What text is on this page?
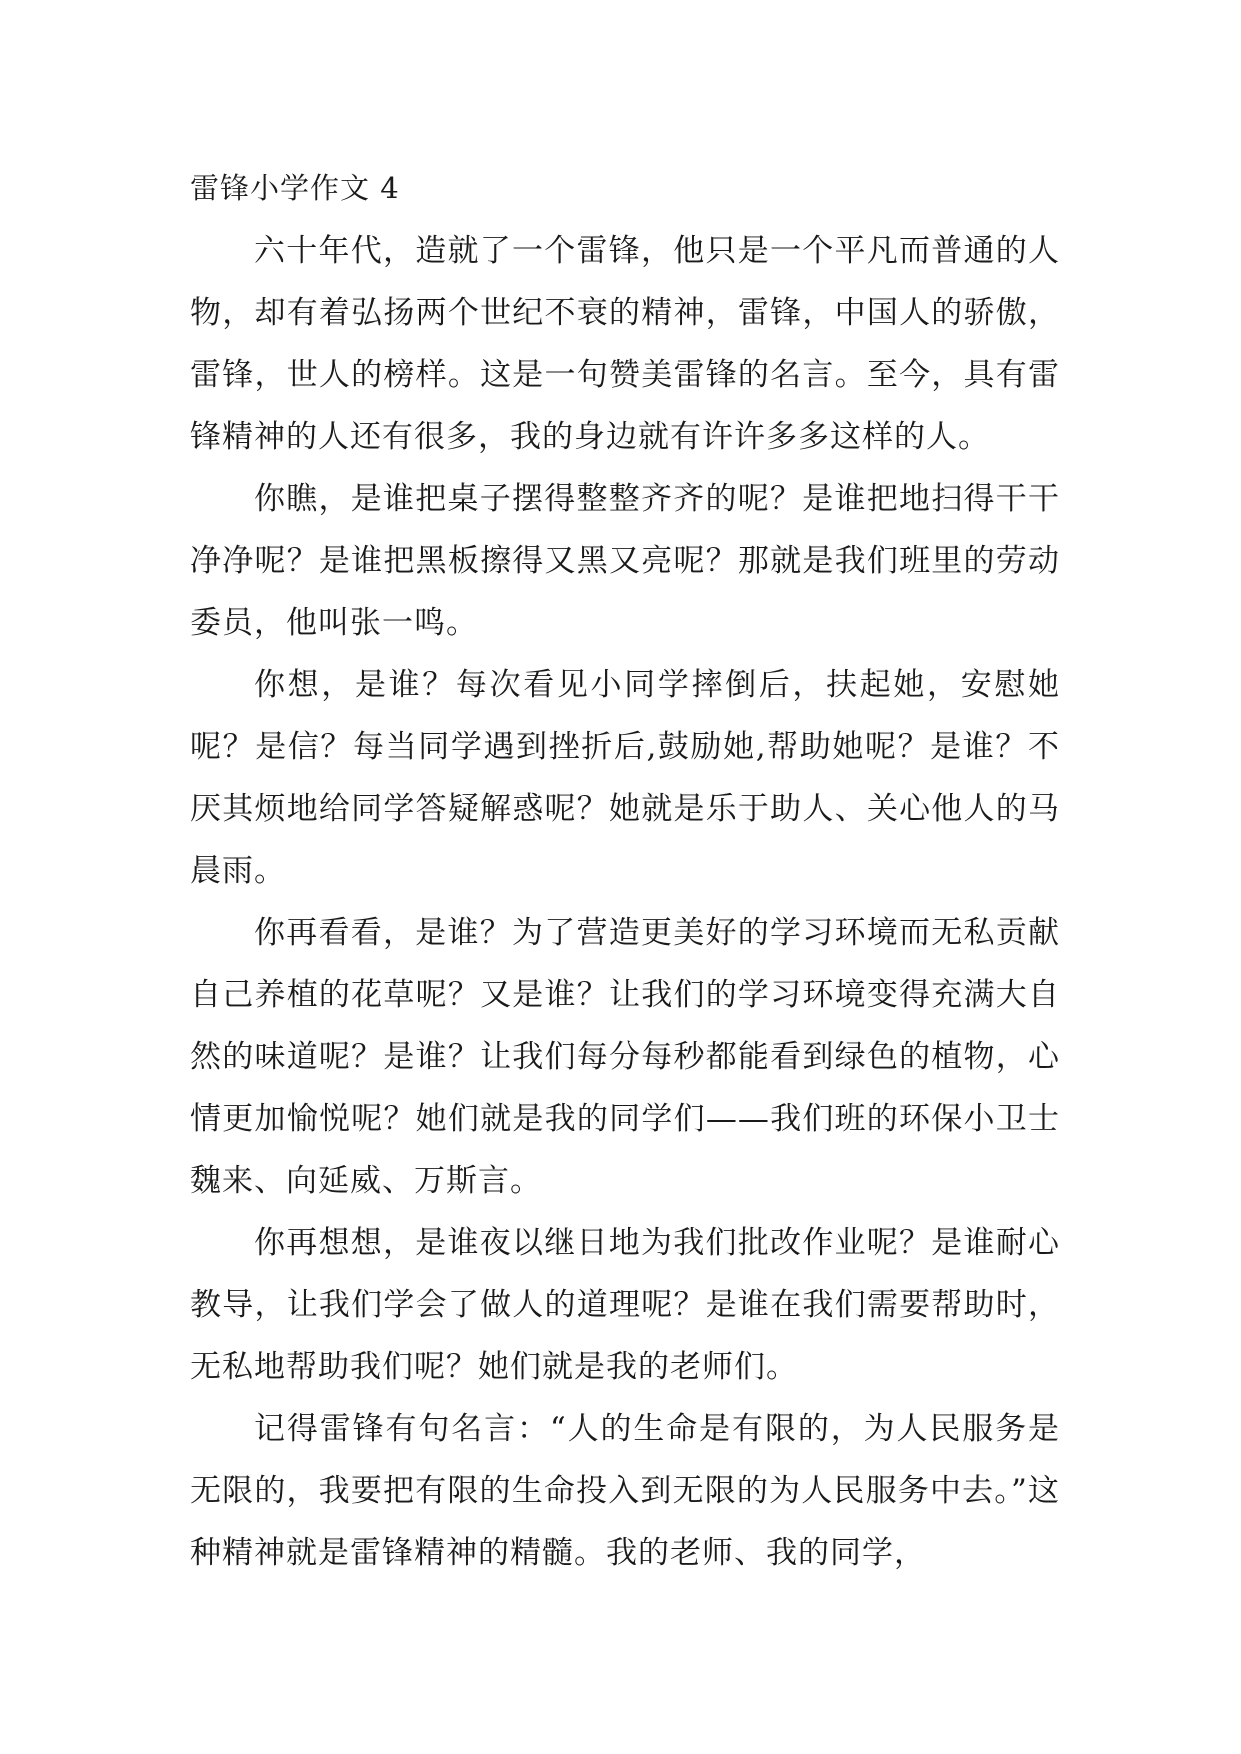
雷锋小学作文 4

六十年代，造就了一个雷锋，他只是一个平凡而普通的人物，却有着弘扬两个世纪不衰的精神，雷锋，中国人的骄傲，雷锋，世人的榜样。这是一句赞美雷锋的名言。至今，具有雷锋精神的人还有很多，我的身边就有许许多多这样的人。

你瞧，是谁把桌子摆得整整齐齐的呢？是谁把地扫得干干净净呢？是谁把黑板擦得又黑又亮呢？那就是我们班里的劳动委员，他叫张一鸣。

你想，是谁？每次看见小同学摔倒后，扶起她，安慰她呢？是信？每当同学遇到挫折后,鼓励她,帮助她呢？是谁？不厌其烦地给同学答疑解惑呢？她就是乐于助人、关心他人的马晨雨。

你再看看，是谁？为了营造更美好的学习环境而无私贡献自己养植的花草呢？又是谁？让我们的学习环境变得充满大自然的味道呢？是谁？让我们每分每秒都能看到绿色的植物，心情更加愉悦呢？她们就是我的同学们——我们班的环保小卫士魏来、向延威、万斯言。

你再想想，是谁夜以继日地为我们批改作业呢？是谁耐心教导，让我们学会了做人的道理呢？是谁在我们需要帮助时，无私地帮助我们呢？她们就是我的老师们。

记得雷锋有句名言：“人的生命是有限的，为人民服务是无限的，我要把有限的生命投入到无限的为人民服务中去。”这种精神就是雷锋精神的精髓。我的老师、我的同学，
